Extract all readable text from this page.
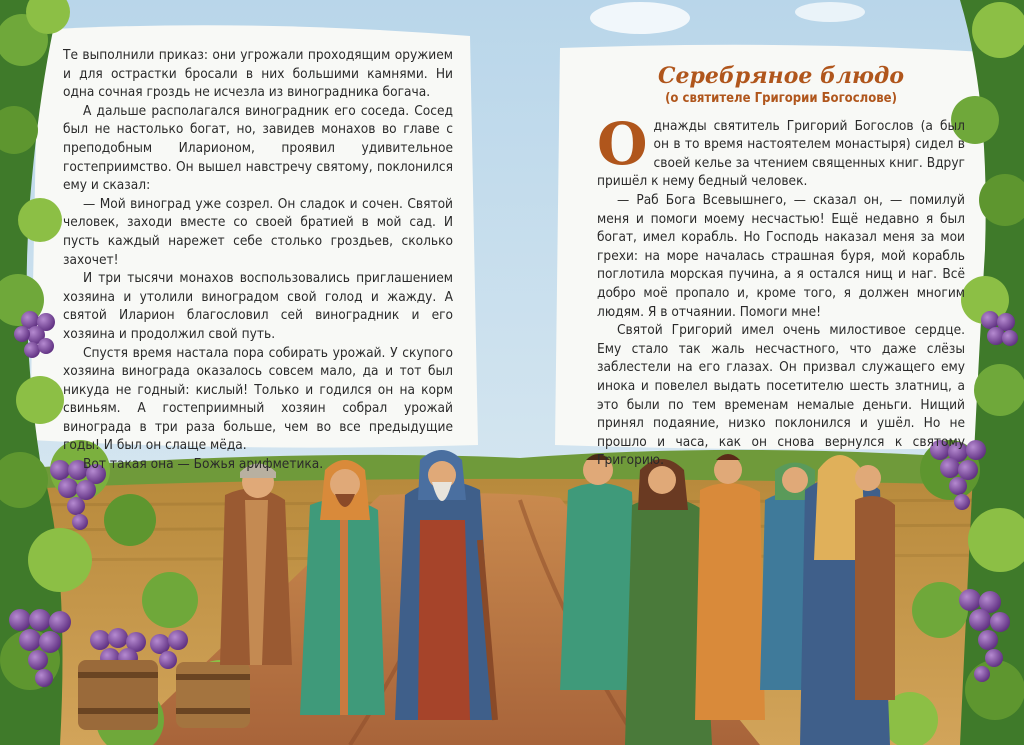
Те выполнили приказ: они угрожали проходящим оружием и для острастки бросали в них большими камнями. Ни одна сочная гроздь не исчезла из виноградника богача.

А дальше располагался виноградник его соседа. Сосед был не настолько богат, но, завидев монахов во главе с преподобным Иларионом, проявил удивительное гостеприимство. Он вышел навстречу святому, поклонился ему и сказал:

— Мой виноград уже созрел. Он сладок и сочен. Святой человек, заходи вместе со своей братией в мой сад. И пусть каждый нарежет себе столько гроздьев, сколько захочет!

И три тысячи монахов воспользовались приглашением хозяина и утолили виноградом свой голод и жажду. А святой Иларион благословил сей виноградник и его хозяина и продолжил свой путь.

Спустя время настала пора собирать урожай. У скупого хозяина винограда оказалось совсем мало, да и тот был никуда не годный: кислый! Только и годился он на корм свиньям. А гостеприимный хозяин собрал урожай винограда в три раза больше, чем во все предыдущие годы! И был он слаще мёда.

Вот такая она — Божья арифметика.

Серебряное блюдо
(о святителе Григории Богослове)

Однажды святитель Григорий Богослов (а был он в то время настоятелем монастыря) сидел в своей келье за чтением священных книг. Вдруг пришёл к нему бедный человек.

— Раб Бога Всевышнего, — сказал он, — помилуй меня и помоги моему несчастью! Ещё недавно я был богат, имел корабль. Но Господь наказал меня за мои грехи: на море началась страшная буря, мой корабль поглотила морская пучина, а я остался нищ и наг. Всё добро моё пропало и, кроме того, я должен многим людям. Я в отчаянии. Помоги мне!

Святой Григорий имел очень милостивое сердце. Ему стало так жаль несчастного, что даже слёзы заблестели на его глазах. Он призвал служащего ему инока и повелел выдать посетителю шесть златниц, а это были по тем временам немалые деньги. Нищий принял подаяние, низко поклонился и ушёл. Но не прошло и часа, как он снова вернулся к святому Григорию.
